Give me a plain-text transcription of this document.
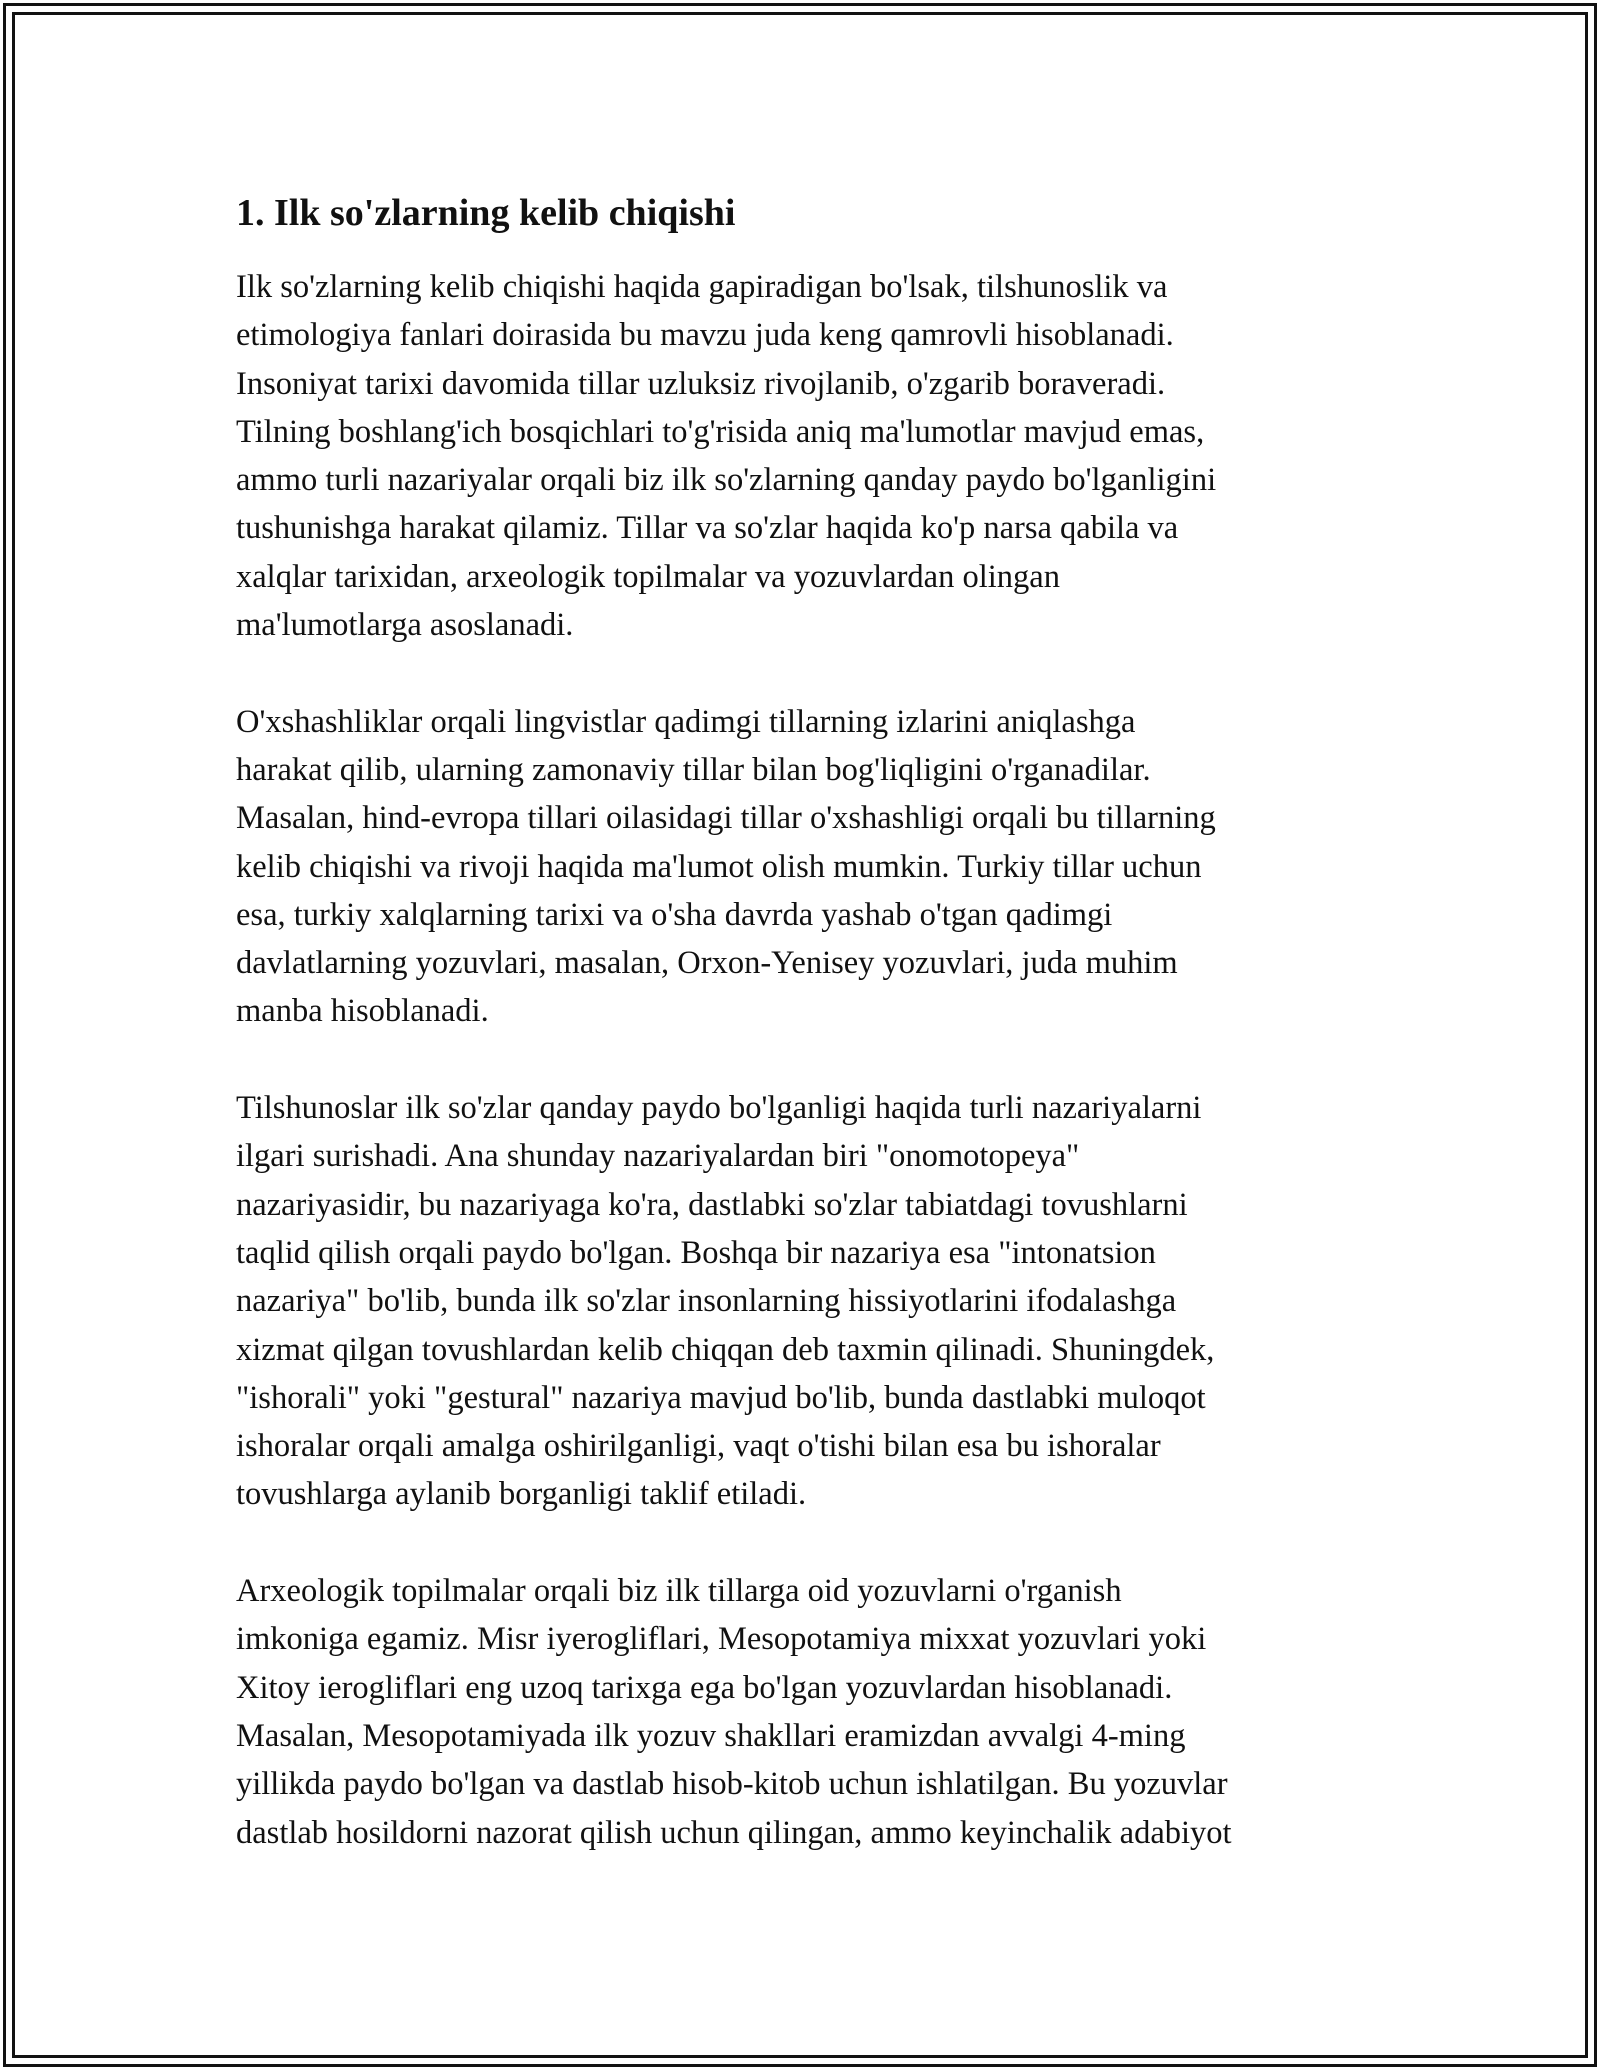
1. Ilk so'zlarning kelib chiqishi

Ilk so'zlarning kelib chiqishi haqida gapiradigan bo'lsak, tilshunoslik va
etimologiya fanlari doirasida bu mavzu juda keng qamrovli hisoblanadi.
Insoniyat tarixi davomida tillar uzluksiz rivojlanib, o'zgarib boraveradi.
Tilning boshlang'ich bosqichlari to'g'risida aniq ma'lumotlar mavjud emas,
ammo turli nazariyalar orqali biz ilk so'zlarning qanday paydo bo'lganligini
tushunishga harakat qilamiz. Tillar va so'zlar haqida ko'p narsa qabila va
xalqlar tarixidan, arxeologik topilmalar va yozuvlardan olingan
ma'lumotlarga asoslanadi.

O'xshashliklar orqali lingvistlar qadimgi tillarning izlarini aniqlashga
harakat qilib, ularning zamonaviy tillar bilan bog'liqligini o'rganadilar.
Masalan, hind-evropa tillari oilasidagi tillar o'xshashligi orqali bu tillarning
kelib chiqishi va rivoji haqida ma'lumot olish mumkin. Turkiy tillar uchun
esa, turkiy xalqlarning tarixi va o'sha davrda yashab o'tgan qadimgi
davlatlarning yozuvlari, masalan, Orxon-Yenisey yozuvlari, juda muhim
manba hisoblanadi.

Tilshunoslar ilk so'zlar qanday paydo bo'lganligi haqida turli nazariyalarni
ilgari surishadi. Ana shunday nazariyalardan biri "onomotopeya"
nazariyasidir, bu nazariyaga ko'ra, dastlabki so'zlar tabiatdagi tovushlarni
taqlid qilish orqali paydo bo'lgan. Boshqa bir nazariya esa "intonatsion
nazariya" bo'lib, bunda ilk so'zlar insonlarning hissiyotlarini ifodalashga
xizmat qilgan tovushlardan kelib chiqqan deb taxmin qilinadi. Shuningdek,
"ishorali" yoki "gestural" nazariya mavjud bo'lib, bunda dastlabki muloqot
ishoralar orqali amalga oshirilganligi, vaqt o'tishi bilan esa bu ishoralar
tovushlarga aylanib borganligi taklif etiladi.

Arxeologik topilmalar orqali biz ilk tillarga oid yozuvlarni o'rganish
imkoniga egamiz. Misr iyerogliflari, Mesopotamiya mixxat yozuvlari yoki
Xitoy ierogliflari eng uzoq tarixga ega bo'lgan yozuvlardan hisoblanadi.
Masalan, Mesopotamiyada ilk yozuv shakllari eramizdan avvalgi 4-ming
yillikda paydo bo'lgan va dastlab hisob-kitob uchun ishlatilgan. Bu yozuvlar
dastlab hosildorni nazorat qilish uchun qilingan, ammo keyinchalik adabiyot
